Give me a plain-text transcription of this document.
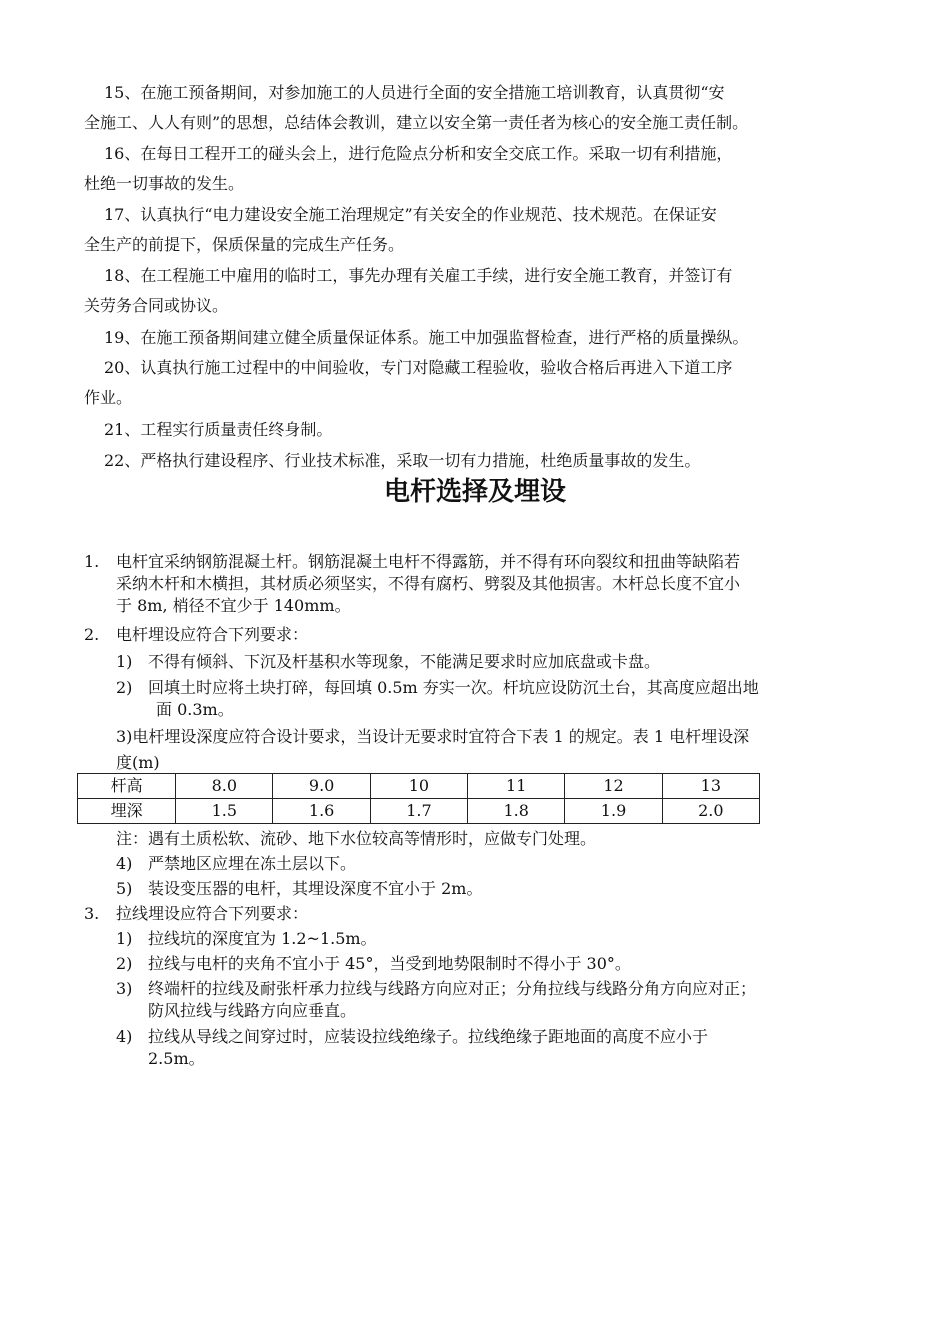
15、在施工预备期间，对参加施工的人员进行全面的安全措施工培训教育，认真贯彻“安
全施工、人人有则”的思想，总结体会教训，建立以安全第一责任者为核心的安全施工责任制。
16、在每日工程开工的碰头会上，进行危险点分析和安全交底工作。采取一切有利措施，
杜绝一切事故的发生。
17、认真执行“电力建设安全施工治理规定”有关安全的作业规范、技术规范。在保证安
全生产的前提下，保质保量的完成生产任务。
18、在工程施工中雇用的临时工，事先办理有关雇工手续，进行安全施工教育，并签订有
关劳务合同或协议。
19、在施工预备期间建立健全质量保证体系。施工中加强监督检查，进行严格的质量操纵。
20、认真执行施工过程中的中间验收，专门对隐藏工程验收，验收合格后再进入下道工序
作业。
21、工程实行质量责任终身制。
22、严格执行建设程序、行业技术标准，采取一切有力措施，杜绝质量事故的发生。
电杆选择及埋设
1. 电杆宜采纳钢筋混凝土杆。钢筋混凝土电杆不得露筋，并不得有环向裂纹和扭曲等缺陷若
采纳木杆和木横担，其材质必须坚实，不得有腐朽、劈裂及其他损害。木杆总长度不宜小
于 8m, 梢径不宜少于 140mm。
2. 电杆埋设应符合下列要求：
1) 不得有倾斜、下沉及杆基积水等现象，不能满足要求时应加底盘或卡盘。
2) 回填土时应将土块打碎，每回填 0.5m 夯实一次。杆坑应设防沉土台，其高度应超出地
面 0.3m。
3)电杆埋设深度应符合设计要求，当设计无要求时宜符合下表 1 的规定。表 1 电杆埋设深
度(m)
杆高	8.0	9.0	10	11	12	13
埋深	1.5	1.6	1.7	1.8	1.9	2.0
注：遇有土质松软、流砂、地下水位较高等情形时，应做专门处理。
4) 严禁地区应埋在冻土层以下。
5) 装设变压器的电杆，其埋设深度不宜小于 2m。
3. 拉线埋设应符合下列要求：
1) 拉线坑的深度宜为 1.2~1.5m。
2) 拉线与电杆的夹角不宜小于 45°，当受到地势限制时不得小于 30°。
3) 终端杆的拉线及耐张杆承力拉线与线路方向应对正；分角拉线与线路分角方向应对正；
防风拉线与线路方向应垂直。
4) 拉线从导线之间穿过时，应装设拉线绝缘子。拉线绝缘子距地面的高度不应小于
2.5m。
